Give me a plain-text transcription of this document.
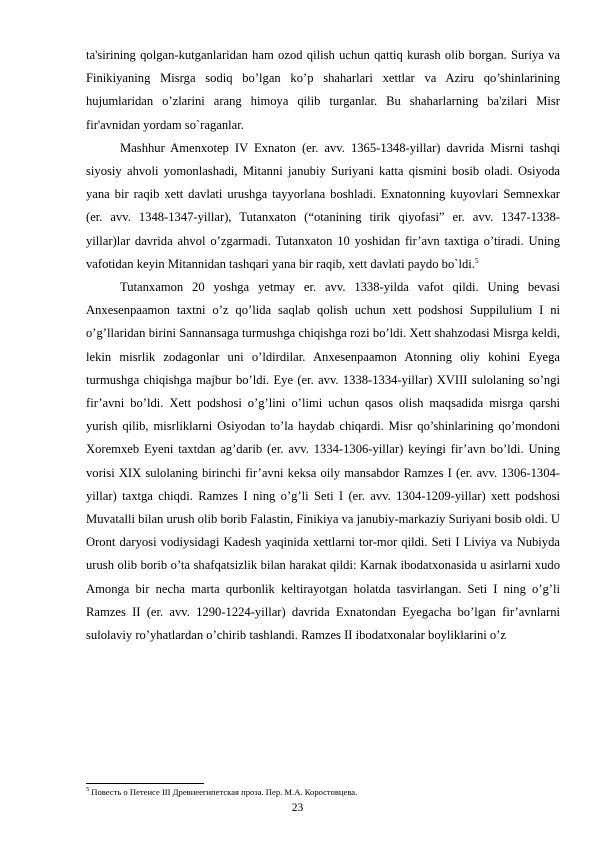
ta'sirining qolgan-kutganlaridan ham ozod qilish uchun qattiq kurash olib borgan. Suriya va Finikiyaning Misrga sodiq bo’lgan ko’p shaharlari xettlar va Aziru qo’shinlarining hujumlaridan o’zlarini arang himoya qilib turganlar. Bu shaharlarning ba'zilari Misr fir'avnidan yordam so`raganlar.

Mashhur Amenxotep IV Exnaton (er. avv. 1365-1348-yillar) davrida Misrni tashqi siyosiy ahvoli yomonlashadi, Mitanni janubiy Suriyani katta qismini bosib oladi. Osiyoda yana bir raqib xett davlati urushga tayyorlana boshladi. Exnatonning kuyovlari Semnexkar (er. avv. 1348-1347-yillar), Tutanxaton (“otanining tirik qiyofasi” er. avv. 1347-1338-yillar)lar davrida ahvol o’zgarmadi. Tutanxaton 10 yoshidan fir’avn taxtiga o’tiradi. Uning vafotidan keyin Mitannidan tashqari yana bir raqib, xett davlati paydo bo`ldi.$^5$

Tutanxamon 20 yoshga yetmay er. avv. 1338-yilda vafot qildi. Uning bevasi Anxesenpaamon taxtni o’z qo’lida saqlab qolish uchun xett podshosi Suppilulium I ni o’g’llaridan birini Sannansaga turmushga chiqishga rozi bo’ldi. Xett shahzodasi Misrga keldi, lekin misrlik zodagonlar uni o’ldirdilar. Anxesenpaamon Atonning oliy kohini Eyega turmushga chiqishga majbur bo’ldi. Eye (er. avv. 1338-1334-yillar) XVIII sulolaning so’ngi fir’avni bo’ldi. Xett podshosi o’g’lini o’limi uchun qasos olish maqsadida misrga qarshi yurish qilib, misrliklarni Osiyodan to’la haydab chiqardi. Misr qo’shinlarining qo’mondoni Xoremxeb Eyeni taxtdan ag’darib (er. avv. 1334-1306-yillar) keyingi fir’avn bo’ldi. Uning vorisi XIX sulolaning birinchi fir’avni keksa oily mansabdor Ramzes I (er. avv. 1306-1304-yillar) taxtga chiqdi. Ramzes I ning o’g’li Seti I (er. avv. 1304-1209-yillar) xett podshosi Muvatalli bilan urush olib borib Falastin, Finikiya va janubiy-markaziy Suriyani bosib oldi. U Oront daryosi vodiysidagi Kadesh yaqinida xettlarni tor-mor qildi. Seti I Liviya va Nubiyda urush olib borib o’ta shafqatsizlik bilan harakat qildi: Karnak ibodatxonasida u asirlarni xudo Amonga bir necha marta qurbonlik keltirayotgan holatda tasvirlangan. Seti I ning o’g’li Ramzes II (er. avv. 1290-1224-yillar) davrida Exnatondan Eyegacha bo’lgan fir’avnlarni sulolaviy ro’yhatlardan o’chirib tashlandi. Ramzes II ibodatxonalar boyliklarini o’z

$^5$ Повесть о Петеисе III Древнеегипетская проза. Пер. М.А. Коростовцева.
23
